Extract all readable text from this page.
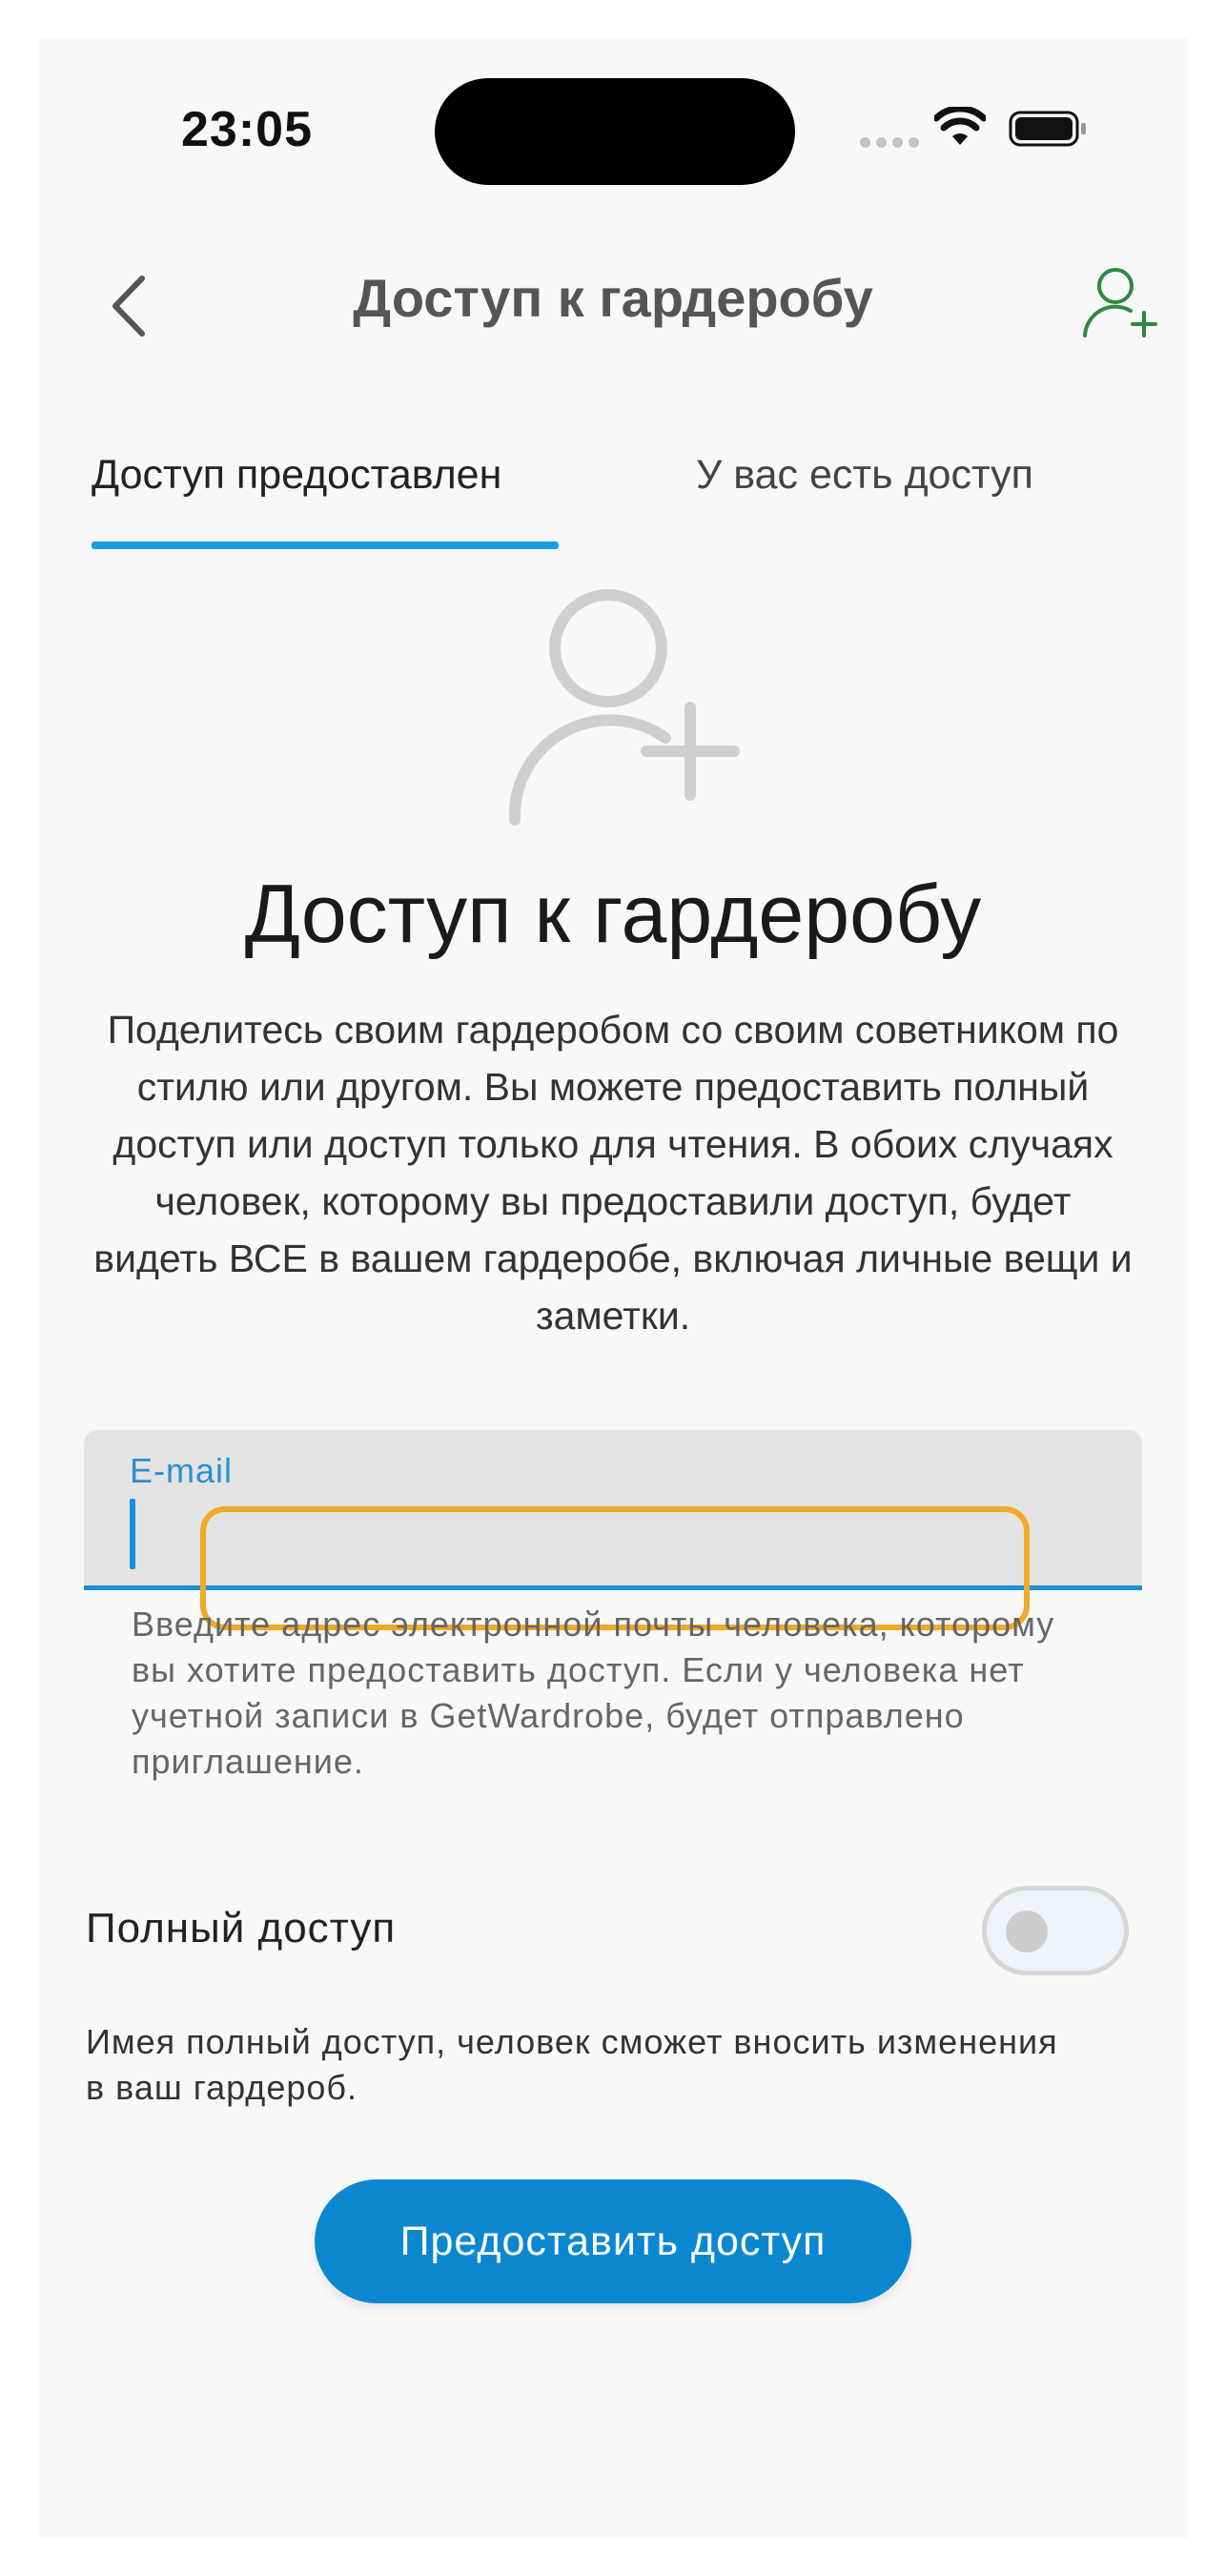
23:05
Доступ к гардеробу
Доступ предоставлен	У вас есть доступ
Доступ к гардеробу
Поделитесь своим гардеробом со своим советником по стилю или другом. Вы можете предоставить полный доступ или доступ только для чтения. В обоих случаях человек, которому вы предоставили доступ, будет видеть ВСЕ в вашем гардеробе, включая личные вещи и заметки.
E-mail
Введите адрес электронной почты человека, которому вы хотите предоставить доступ. Если у человека нет учетной записи в GetWardrobe, будет отправлено приглашение.
Полный доступ
Имея полный доступ, человек сможет вносить изменения в ваш гардероб.
Предоставить доступ
